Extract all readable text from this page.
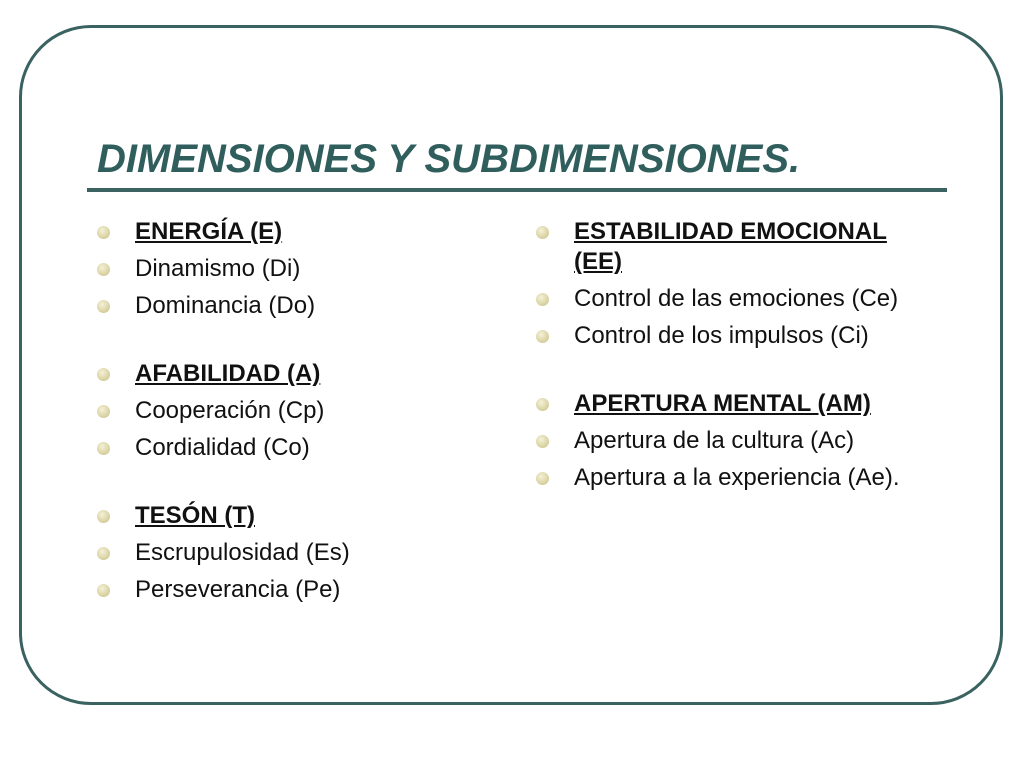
DIMENSIONES Y SUBDIMENSIONES.
ENERGÍA (E)
Dinamismo (Di)
Dominancia (Do)
AFABILIDAD (A)
Cooperación (Cp)
Cordialidad (Co)
TESÓN (T)
Escrupulosidad (Es)
Perseverancia (Pe)
ESTABILIDAD EMOCIONAL (EE)
Control de las emociones (Ce)
Control de los impulsos (Ci)
APERTURA MENTAL (AM)
Apertura de la cultura (Ac)
Apertura a la experiencia (Ae).
